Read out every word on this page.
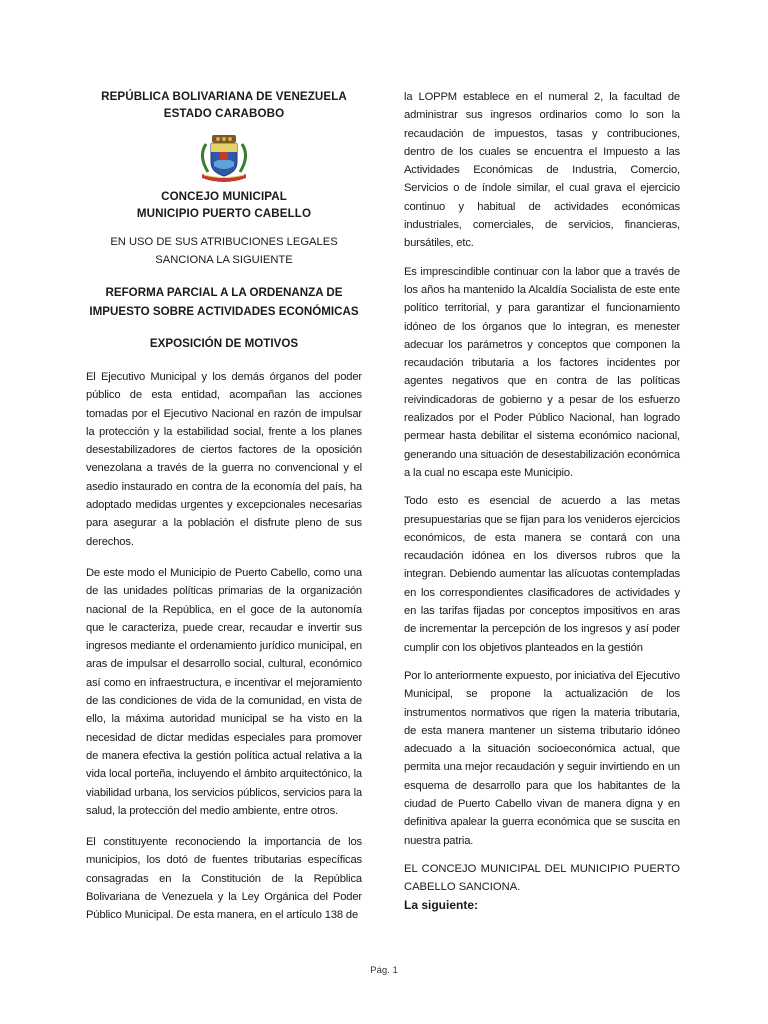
REPÚBLICA BOLIVARIANA DE VENEZUELA
ESTADO CARABOBO
CONCEJO MUNICIPAL
MUNICIPIO PUERTO CABELLO
EN USO DE SUS ATRIBUCIONES LEGALES
SANCIONA LA SIGUIENTE
REFORMA PARCIAL A LA ORDENANZA DE
IMPUESTO SOBRE ACTIVIDADES ECONÓMICAS
EXPOSICIÓN DE MOTIVOS

El Ejecutivo Municipal y los demás órganos del poder público de esta entidad, acompañan las acciones tomadas por el Ejecutivo Nacional en razón de impulsar la protección y la estabilidad social, frente a los planes desestabilizadores de ciertos factores de la oposición venezolana a través de la guerra no convencional y el asedio instaurado en contra de la economía del país, ha adoptado medidas urgentes y excepcionales necesarias para asegurar a la población el disfrute pleno de sus derechos.

De este modo el Municipio de Puerto Cabello, como una de las unidades políticas primarias de la organización nacional de la República, en el goce de la autonomía que le caracteriza, puede crear, recaudar e invertir sus ingresos mediante el ordenamiento jurídico municipal, en aras de impulsar el desarrollo social, cultural, económico así como en infraestructura, e incentivar el mejoramiento de las condiciones de vida de la comunidad, en vista de ello, la máxima autoridad municipal se ha visto en la necesidad de dictar medidas especiales para promover de manera efectiva la gestión política actual relativa a la vida local porteña, incluyendo el ámbito arquitectónico, la viabilidad urbana, los servicios públicos, servicios para la salud, la protección del medio ambiente, entre otros.

El constituyente reconociendo la importancia de los municipios, los dotó de fuentes tributarias específicas consagradas en la Constitución de la República Bolivariana de Venezuela y la Ley Orgánica del Poder Público Municipal. De esta manera, en el artículo 138 de

la LOPPM establece en el numeral 2, la facultad de administrar sus ingresos ordinarios como lo son la recaudación de impuestos, tasas y contribuciones, dentro de los cuales se encuentra el Impuesto a las Actividades Económicas de Industria, Comercio, Servicios o de índole similar, el cual grava el ejercicio continuo y habitual de actividades económicas industriales, comerciales, de servicios, financieras, bursátiles, etc.

Es imprescindible continuar con la labor que a través de los años ha mantenido la Alcaldía Socialista de este ente político territorial, y para garantizar el funcionamiento idóneo de los órganos que lo integran, es menester adecuar los parámetros y conceptos que componen la recaudación tributaria a los factores incidentes por agentes negativos que en contra de las políticas reivindicadoras de gobierno y a pesar de los esfuerzo realizados por el Poder Público Nacional, han logrado permear hasta debilitar el sistema económico nacional, generando una situación de desestabilización económica a la cual no escapa este Municipio.

Todo esto es esencial de acuerdo a las metas presupuestarias que se fijan para los venideros ejercicios económicos, de esta manera se contará con una recaudación idónea en los diversos rubros que la integran. Debiendo aumentar las alícuotas contempladas en los correspondientes clasificadores de actividades y en las tarifas fijadas por conceptos impositivos en aras de incrementar la percepción de los ingresos y así poder cumplir con los objetivos planteados en la gestión

Por lo anteriormente expuesto, por iniciativa del Ejecutivo Municipal, se propone la actualización de los instrumentos normativos que rigen la materia tributaria, de esta manera mantener un sistema tributario idóneo adecuado a la situación socioeconómica actual, que permita una mejor recaudación y seguir invirtiendo en un esquema de desarrollo para que los habitantes de la ciudad de Puerto Cabello vivan de manera digna y en definitiva apalear la guerra económica que se suscita en nuestra patria.

EL CONCEJO MUNICIPAL DEL MUNICIPIO PUERTO CABELLO SANCIONA.
La siguiente:
Pág. 1
